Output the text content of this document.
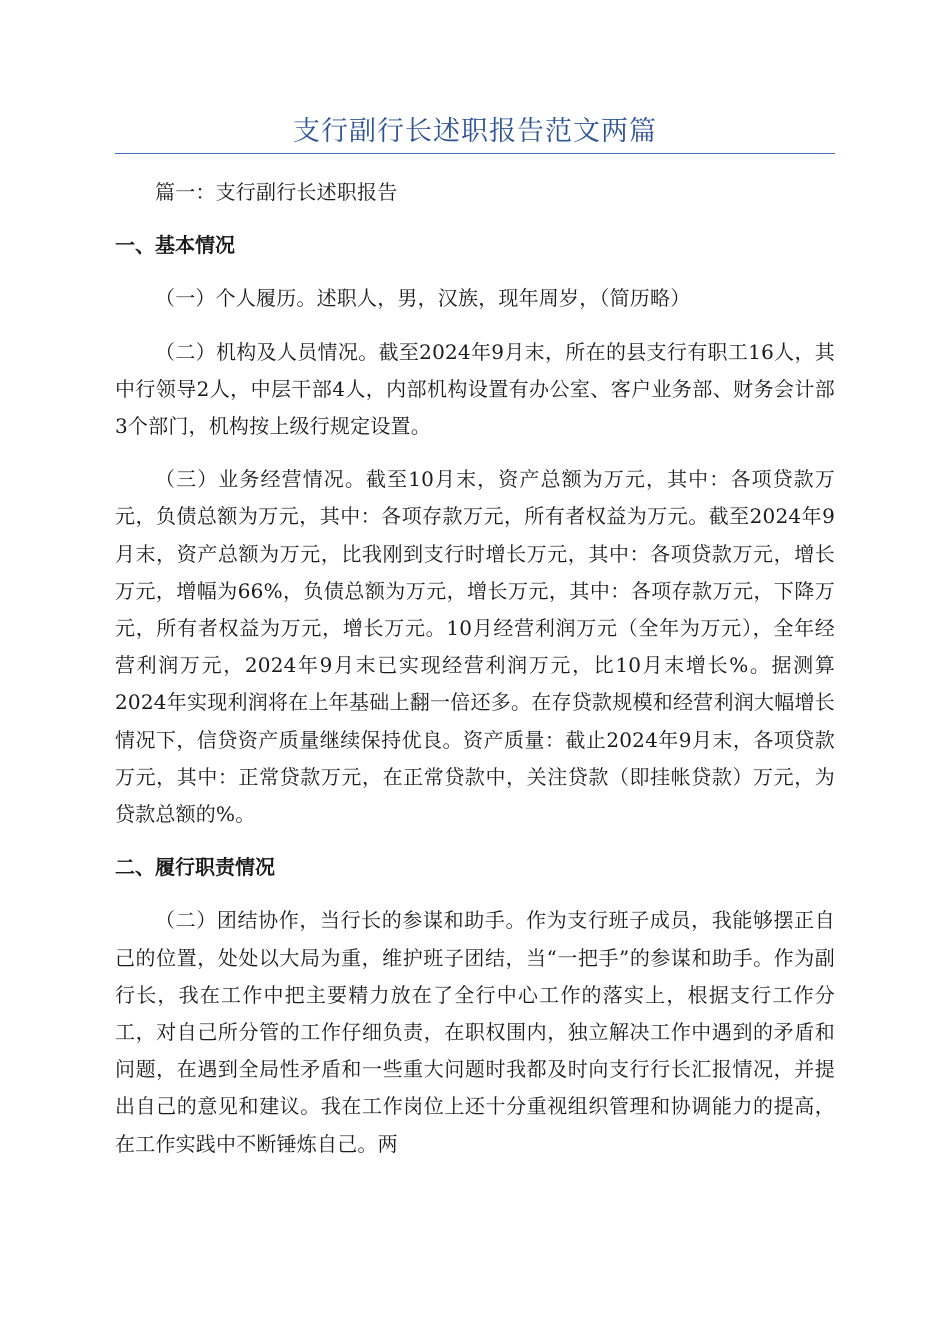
支行副行长述职报告范文两篇

篇一：支行副行长述职报告

一、基本情况

（一）个人履历。述职人，男，汉族，现年周岁，（简历略）

（二）机构及人员情况。截至2024年9月末，所在的县支行有职工16人，其中行领导2人，中层干部4人，内部机构设置有办公室、客户业务部、财务会计部3个部门，机构按上级行规定设置。

（三）业务经营情况。截至10月末，资产总额为万元，其中：各项贷款万元，负债总额为万元，其中：各项存款万元，所有者权益为万元。截至2024年9月末，资产总额为万元，比我刚到支行时增长万元，其中：各项贷款万元，增长万元，增幅为66%，负债总额为万元，增长万元，其中：各项存款万元，下降万元，所有者权益为万元，增长万元。10月经营利润万元（全年为万元），全年经营利润万元，2024年9月末已实现经营利润万元，比10月末增长%。据测算2024年实现利润将在上年基础上翻一倍还多。在存贷款规模和经营利润大幅增长情况下，信贷资产质量继续保持优良。资产质量：截止2024年9月末，各项贷款万元，其中：正常贷款万元，在正常贷款中，关注贷款（即挂帐贷款）万元，为贷款总额的%。

二、履行职责情况

（二）团结协作，当行长的参谋和助手。作为支行班子成员，我能够摆正自己的位置，处处以大局为重，维护班子团结，当“一把手”的参谋和助手。作为副行长，我在工作中把主要精力放在了全行中心工作的落实上，根据支行工作分工，对自己所分管的工作仔细负责，在职权围内，独立解决工作中遇到的矛盾和问题，在遇到全局性矛盾和一些重大问题时我都及时向支行行长汇报情况，并提出自己的意见和建议。我在工作岗位上还十分重视组织管理和协调能力的提高，在工作实践中不断锤炼自己。两
